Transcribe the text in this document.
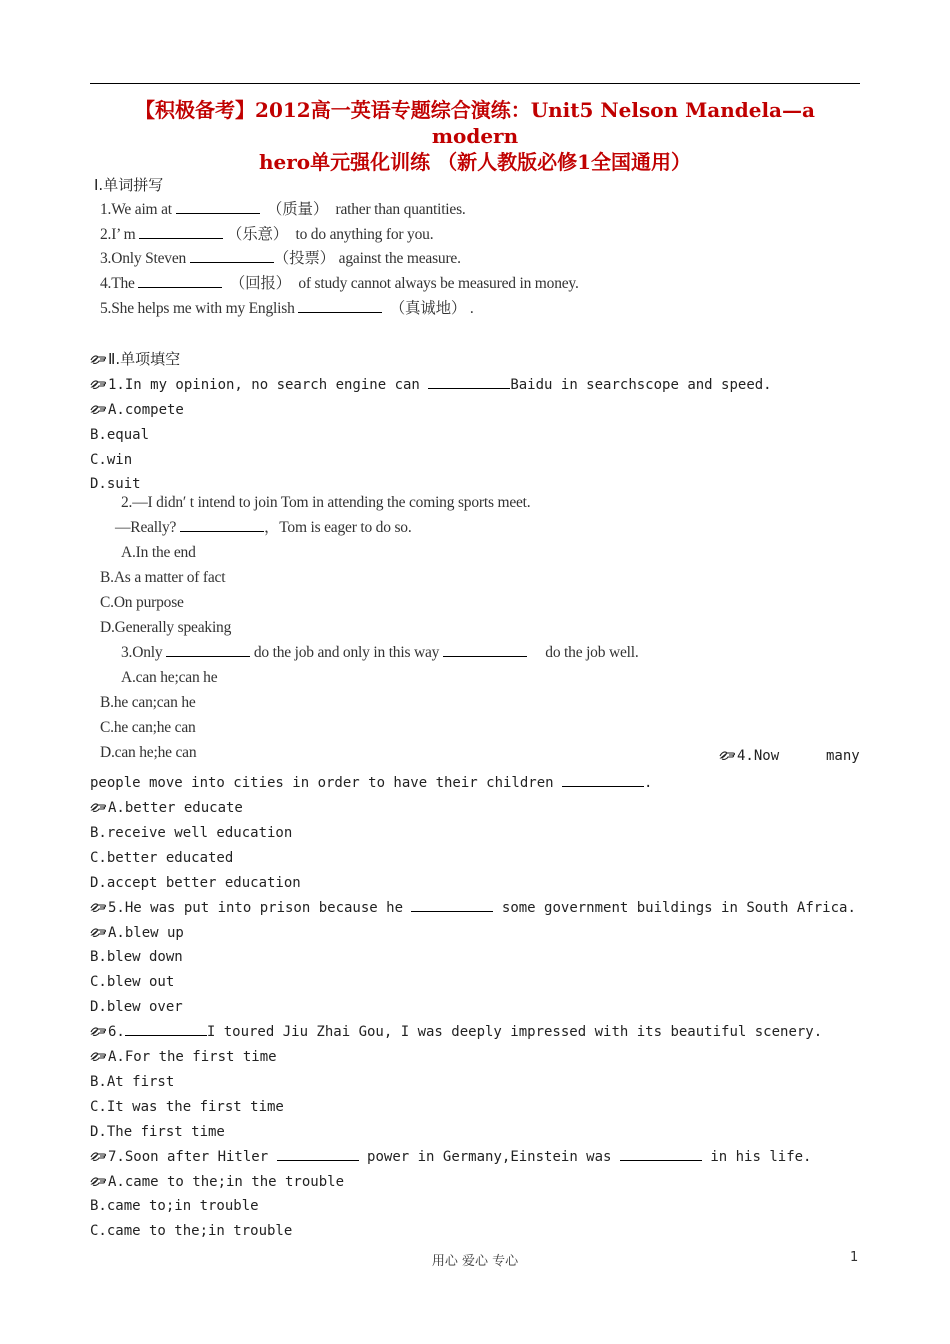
【积极备考】2012高一英语专题综合演练：Unit5 Nelson Mandela—a modern
hero单元强化训练 （新人教版必修1全国通用）
Ⅰ.单词拼写
1.We aim at	（质量） rather than quantities.
2.I’ m	（乐意） to do anything for you.
3.Only Steven	（投票） against the measure.
4.The	（回报） of study cannot always be measured in money.
5.She helps me with my English	（真诚地） .
Ⅱ.单项填空
1.In my opinion, no search engine can	Baidu in searchscope and speed.
A.compete
B.equal
C.win
D.suit
2.—I didn′ t intend to join Tom in attending the coming sports meet.
—Really?	，Tom is eager to do so.
A.In the end
B.As a matter of fact
C.On purpose
D.Generally speaking
3.Only	do the job and only in this way	do the job well.
A.can he;can he
B.he can;can he
C.he can;he can
D.can he;he can	4.Now	many
people move into cities in order to have their children	.
A.better educate
B.receive well education
C.better educated
D.accept better education
5.He was put into prison because he	some government buildings in South Africa.
A.blew up
B.blew down
C.blew out
D.blew over
6.	I toured Jiu Zhai Gou, I was deeply impressed with its beautiful scenery.
A.For the first time
B.At first
C.It was the first time
D.The first time
7.Soon after Hitler	power in Germany,Einstein was	in his life.
A.came to the;in the trouble
B.came to;in trouble
C.came to the;in trouble
用心 爱心 专心	1
